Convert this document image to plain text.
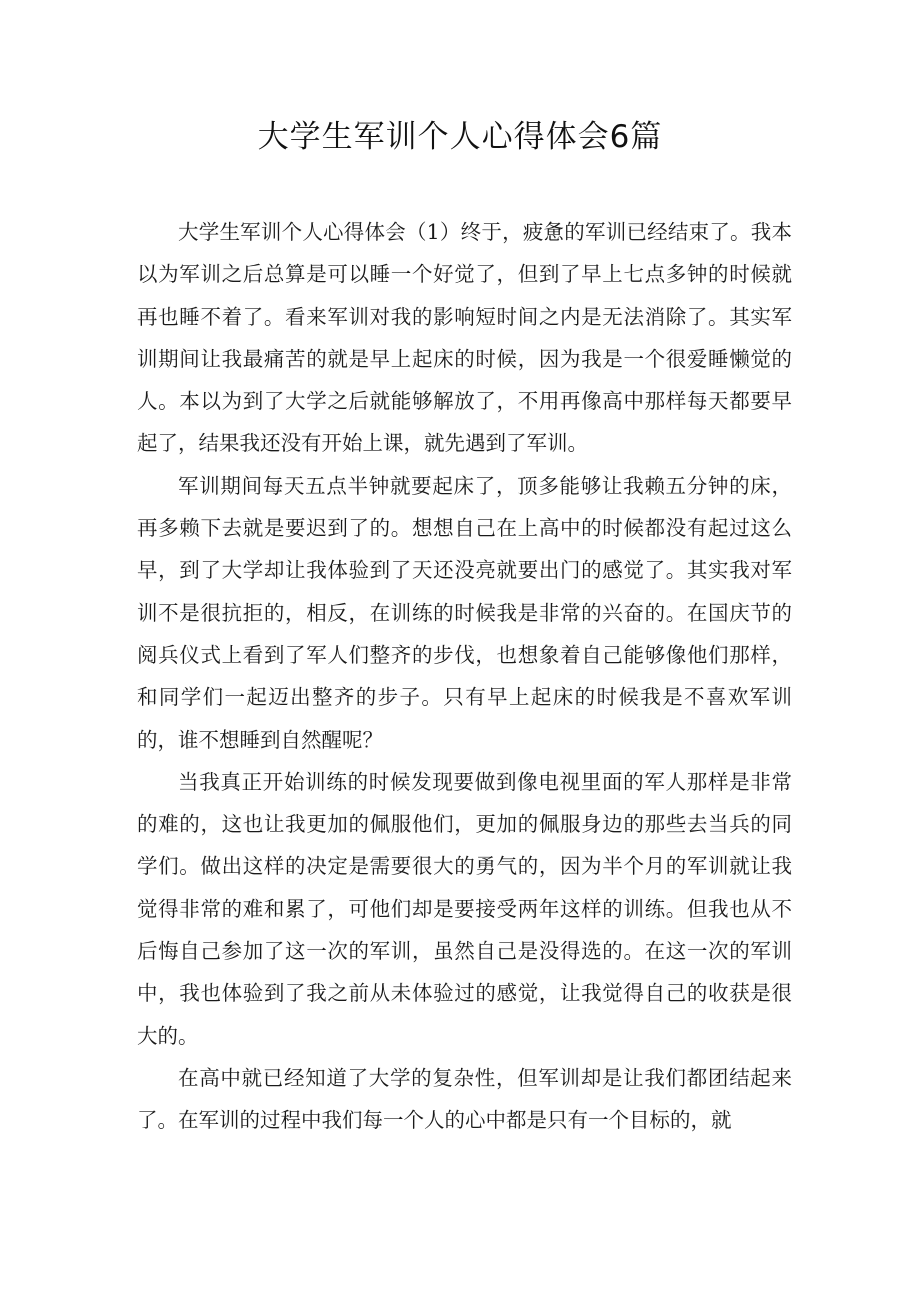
大学生军训个人心得体会6篇

大学生军训个人心得体会（1）终于，疲惫的军训已经结束了。我本以为军训之后总算是可以睡一个好觉了，但到了早上七点多钟的时候就再也睡不着了。看来军训对我的影响短时间之内是无法消除了。其实军训期间让我最痛苦的就是早上起床的时候，因为我是一个很爱睡懒觉的人。本以为到了大学之后就能够解放了，不用再像高中那样每天都要早起了，结果我还没有开始上课，就先遇到了军训。

军训期间每天五点半钟就要起床了，顶多能够让我赖五分钟的床，再多赖下去就是要迟到了的。想想自己在上高中的时候都没有起过这么早，到了大学却让我体验到了天还没亮就要出门的感觉了。其实我对军训不是很抗拒的，相反，在训练的时候我是非常的兴奋的。在国庆节的阅兵仪式上看到了军人们整齐的步伐，也想象着自己能够像他们那样，和同学们一起迈出整齐的步子。只有早上起床的时候我是不喜欢军训的，谁不想睡到自然醒呢？

当我真正开始训练的时候发现要做到像电视里面的军人那样是非常的难的，这也让我更加的佩服他们，更加的佩服身边的那些去当兵的同学们。做出这样的决定是需要很大的勇气的，因为半个月的军训就让我觉得非常的难和累了，可他们却是要接受两年这样的训练。但我也从不后悔自己参加了这一次的军训，虽然自己是没得选的。在这一次的军训中，我也体验到了我之前从未体验过的感觉，让我觉得自己的收获是很大的。

在高中就已经知道了大学的复杂性，但军训却是让我们都团结起来了。在军训的过程中我们每一个人的心中都是只有一个目标的，就
